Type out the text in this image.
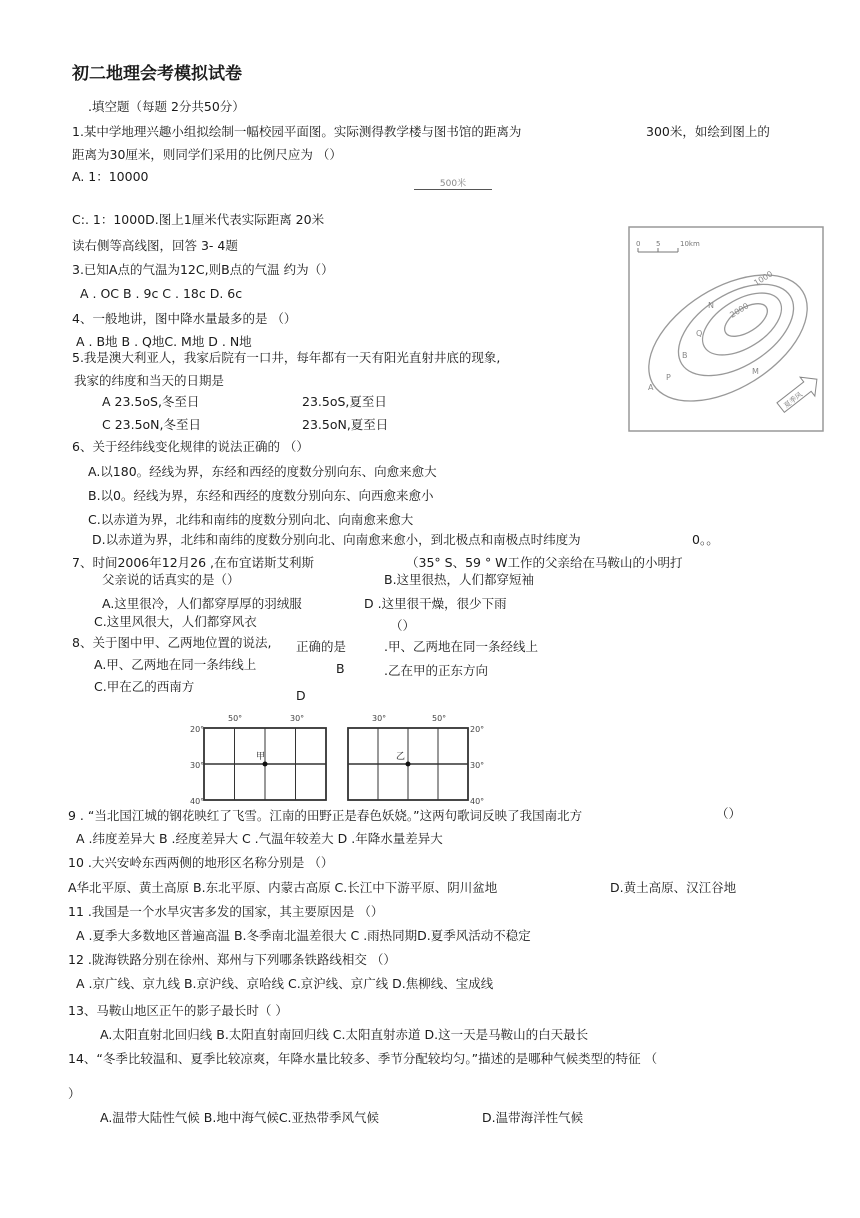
初二地理会考模拟试卷
.填空题（每题 2分共50分）
1.某中学地理兴趣小组拟绘制一幅校园平面图。实际测得教学楼与图书馆的距离为	300米，如绘到图上的
距离为30厘米，则同学们采用的比例尺应为 （）
A. 1：10000	500米
C:. 1：1000D.图上1厘米代表实际距离 20米
读右侧等高线图，回答 3- 4题
3.已知A点的气温为12C,则B点的气温 约为（）
A . OC B . 9c C . 18c D. 6c
4、一般地讲，图中降水量最多的是 （）
A . B地 B . Q地C. M地 D . N地
5.我是澳大利亚人，我家后院有一口井，每年都有一天有阳光直射井底的现象,
我家的纬度和当天的日期是
A 23.5oS,冬至日	23.5oS,夏至日
C 23.5oN,冬至日	23.5oN,夏至日
6、关于经纬线变化规律的说法正确的 （）
A.以180。经线为界，东经和西经的度数分别向东、向愈来愈大
B.以0。经线为界，东经和西经的度数分别向东、向西愈来愈小
C.以赤道为界，北纬和南纬的度数分别向北、向南愈来愈大
D.以赤道为界，北纬和南纬的度数分别向北、向南愈来愈小，到北极点和南极点时纬度为	0。。
7、时间2006年12月26 ,在布宜诺斯艾利斯	（35° S、59 ° W工作的父亲给在马鞍山的小明打
父亲说的话真实的是（）	B.这里很热，人们都穿短袖
A.这里很冷，人们都穿厚厚的羽绒服	D .这里很干燥，很少下雨
C.这里风很大，人们都穿风衣	（）
8、关于图中甲、乙两地位置的说法, 正确的是	.甲、乙两地在同一条经线上
A.甲、乙两地在同一条纬线上	B	.乙在甲的正东方向
C.甲在乙的西南方
D
9 . “当北国江城的钢花映红了飞雪。江南的田野正是春色妖娆。”这两句歌词反映了我国南北方	（）
A .纬度差异大 B .经度差异大 C .气温年较差大 D .年降水量差异大
10 .大兴安岭东西两侧的地形区名称分别是 （）
A华北平原、黄土高原 B.东北平原、内蒙古高原 C.长江中下游平原、阴川盆地	D.黄土高原、汉江谷地
11 .我国是一个水旱灾害多发的国家，其主要原因是 （）
A .夏季大多数地区普遍高温 B.冬季南北温差很大 C .雨热同期D.夏季风活动不稳定
12 .陇海铁路分别在徐州、郑州与下列哪条铁路线相交 （）
A .京广线、京九线 B.京沪线、京哈线 C.京沪线、京广线 D.焦柳线、宝成线
13、马鞍山地区正午的影子最长时（ ）
A.太阳直射北回归线 B.太阳直射南回归线 C.太阳直射赤道 D.这一天是马鞍山的白天最长
14、“冬季比较温和、夏季比较凉爽，年降水量比较多、季节分配较均匀。”描述的是哪种气候类型的特征 （
）
A.温带大陆性气候 B.地中海气候C.亚热带季风气候	D.温带海洋性气候
0 5	10km
1000
2000
N
Q
B
M
A
P
夏季风
甲
20°
30°
40°
50°	30°
乙
20°
30°
40°
30°	50°
